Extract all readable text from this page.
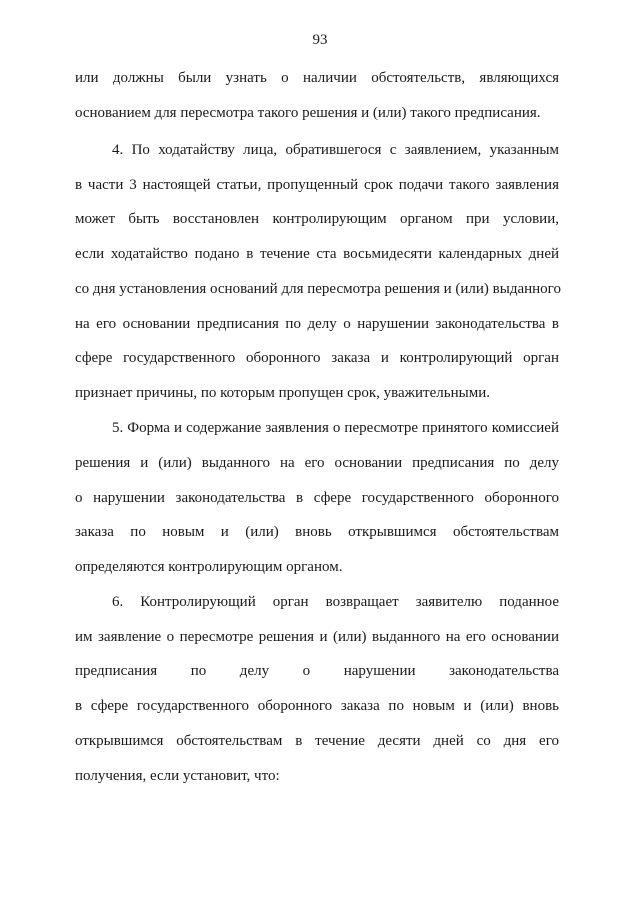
93
или должны были узнать о наличии обстоятельств, являющихся
основанием для пересмотра такого решения и (или) такого предписания.
4. По ходатайству лица, обратившегося с заявлением, указанным
в части 3 настоящей статьи, пропущенный срок подачи такого заявления
может быть восстановлен контролирующим органом при условии,
если ходатайство подано в течение ста восьмидесяти календарных дней
со дня установления оснований для пересмотра решения и (или) выданного
на его основании предписания по делу о нарушении законодательства в
сфере государственного оборонного заказа и контролирующий орган
признает причины, по которым пропущен срок, уважительными.
5. Форма и содержание заявления о пересмотре принятого комиссией
решения и (или) выданного на его основании предписания по делу
о нарушении законодательства в сфере государственного оборонного
заказа по новым и (или) вновь открывшимся обстоятельствам
определяются контролирующим органом.
6. Контролирующий орган возвращает заявителю поданное
им заявление о пересмотре решения и (или) выданного на его основании
предписания по делу о нарушении законодательства
в сфере государственного оборонного заказа по новым и (или) вновь
открывшимся обстоятельствам в течение десяти дней со дня его
получения, если установит, что:
